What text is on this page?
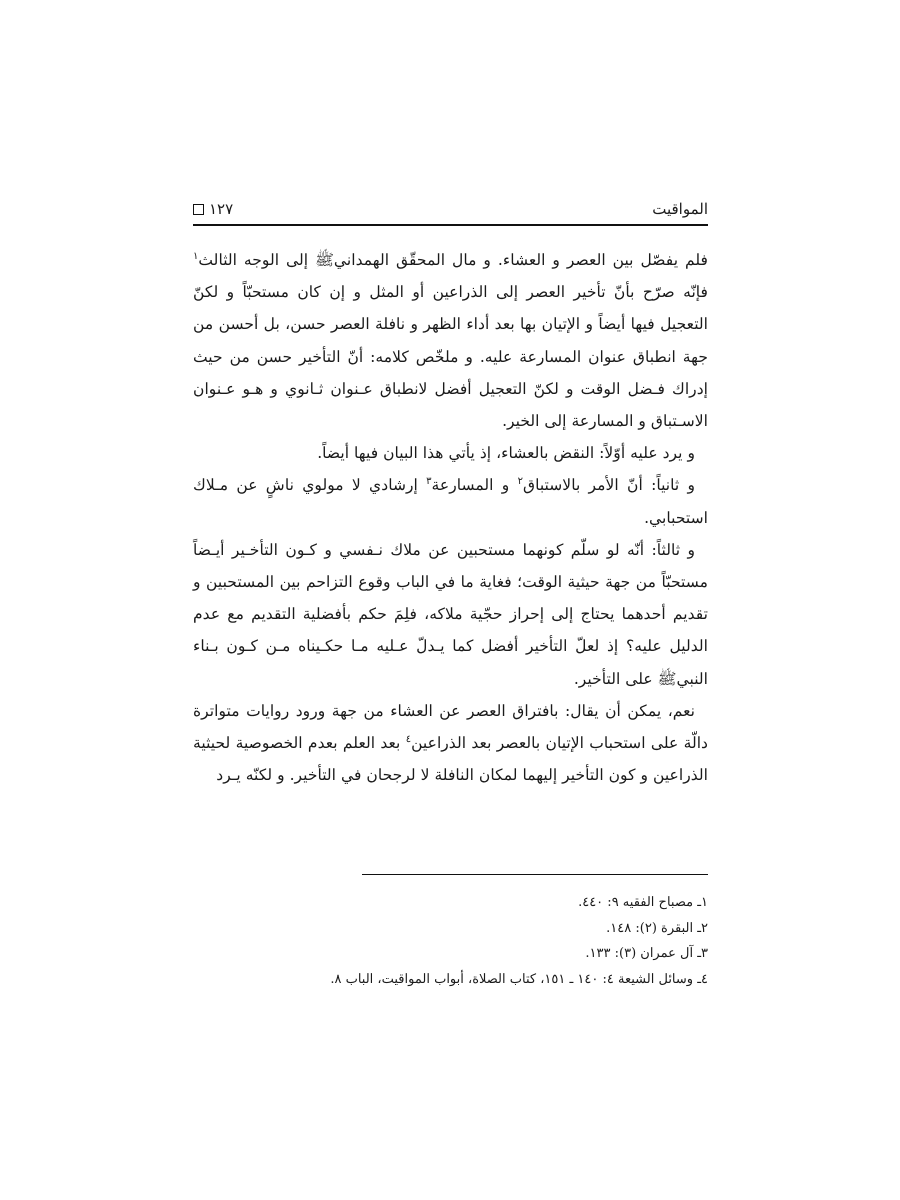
المواقيت
١٢٧

فلم يفصّل بين العصر و العشاء. و مال المحقّق الهمدانيﷺ إلى الوجه الثالث$^١$ فإنّه صرّح بأنّ تأخير العصر إلى الذراعين أو المثل و إن كان مستحبّاً و لكنّ التعجيل فيها أيضاً و الإتيان بها بعد أداء الظهر و نافلة العصر حسن، بل أحسن من جهة انطباق عنوان المسارعة عليه. و ملخّص كلامه: أنّ التأخير حسن من حيث إدراك فـضل الوقت و لكنّ التعجيل أفضل لانطباق عـنوان ثـانوي و هـو عـنوان الاسـتباق و المسارعة إلى الخير.

و يرد عليه أوّلاً: النقض بالعشاء، إذ يأتي هذا البيان فيها أيضاً.

و ثانياً: أنّ الأمر بالاستباق$^٢$ و المسارعة$^٣$ إرشادي لا مولوي ناشٍ عن مـلاك استحبابي.

و ثالثاً: أنّه لو سلّم كونهما مستحبين عن ملاك نـفسي و كـون التأخـير أيـضاً مستحبّاً من جهة حيثية الوقت؛ فغاية ما في الباب وقوع التزاحم بين المستحبين و تقديم أحدهما يحتاج إلى إحراز حجّية ملاكه، فلِمَ حكم بأفضلية التقديم مع عدم الدليل عليه؟ إذ لعلّ التأخير أفضل كما يـدلّ عـليه مـا حكـيناه مـن كـون بـناء النبيﷺ على التأخير.

نعم، يمكن أن يقال: بافتراق العصر عن العشاء من جهة ورود روايات متواترة دالّة على استحباب الإتيان بالعصر بعد الذراعين$^٤$ بعد العلم بعدم الخصوصية لحيثية الذراعين و كون التأخير إليهما لمكان النافلة لا لرجحان في التأخير. و لكنّه يـرد

١ـ مصباح الفقيه ٩: ٤٤٠.
٢ـ البقرة (٢): ١٤٨.
٣ـ آل عمران (٣): ١٣٣.
٤ـ وسائل الشيعة ٤: ١٤٠ ـ ١٥١، كتاب الصلاة، أبواب المواقيت، الباب ٨.
